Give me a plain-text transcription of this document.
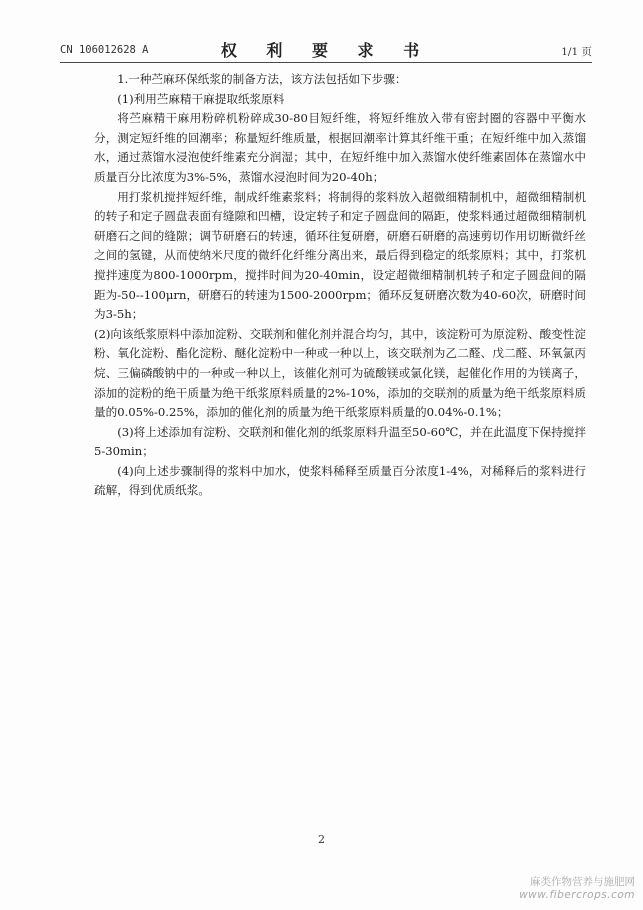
CN 106012628 A	权 利 要 求 书	1/1 页

1.一种苎麻环保纸浆的制备方法，该方法包括如下步骤：

(1)利用苎麻精干麻提取纸浆原料

将苎麻精干麻用粉碎机粉碎成30-80目短纤维，将短纤维放入带有密封圈的容器中平衡水分，测定短纤维的回潮率；称量短纤维质量，根据回潮率计算其纤维干重；在短纤维中加入蒸馏水，通过蒸馏水浸泡使纤维素充分润湿；其中，在短纤维中加入蒸馏水使纤维素固体在蒸馏水中质量百分比浓度为3%-5%，蒸馏水浸泡时间为20-40h；

用打浆机搅拌短纤维，制成纤维素浆料；将制得的浆料放入超微细精制机中，超微细精制机的转子和定子圆盘表面有缝隙和凹槽，设定转子和定子圆盘间的隔距，使浆料通过超微细精制机研磨石之间的缝隙；调节研磨石的转速，循环往复研磨，研磨石研磨的高速剪切作用切断微纤丝之间的氢键，从而使纳米尺度的微纤化纤维分离出来，最后得到稳定的纸浆原料；其中，打浆机搅拌速度为800-1000rpm，搅拌时间为20-40min，设定超微细精制机转子和定子圆盘间的隔距为-50--100μrn，研磨石的转速为1500-2000rpm；循环反复研磨次数为40-60次，研磨时间为3-5h；

(2)向该纸浆原料中添加淀粉、交联剂和催化剂并混合均匀，其中，该淀粉可为原淀粉、酸变性淀粉、氧化淀粉、酯化淀粉、醚化淀粉中一种或一种以上，该交联剂为乙二醛、戊二醛、环氧氯丙烷、三偏磷酸钠中的一种或一种以上，该催化剂可为硫酸镁或氯化镁，起催化作用的为镁离子，添加的淀粉的绝干质量为绝干纸浆原料质量的2%-10%，添加的交联剂的质量为绝干纸浆原料质量的0.05%-0.25%，添加的催化剂的质量为绝干纸浆原料质量的0.04%-0.1%；

(3)将上述添加有淀粉、交联剂和催化剂的纸浆原料升温至50-60℃，并在此温度下保持搅拌5-30min；

(4)向上述步骤制得的浆料中加水，使浆料稀释至质量百分浓度1-4%，对稀释后的浆料进行疏解，得到优质纸浆。

2
麻类作物营养与施肥网
www.fibercrops.com
